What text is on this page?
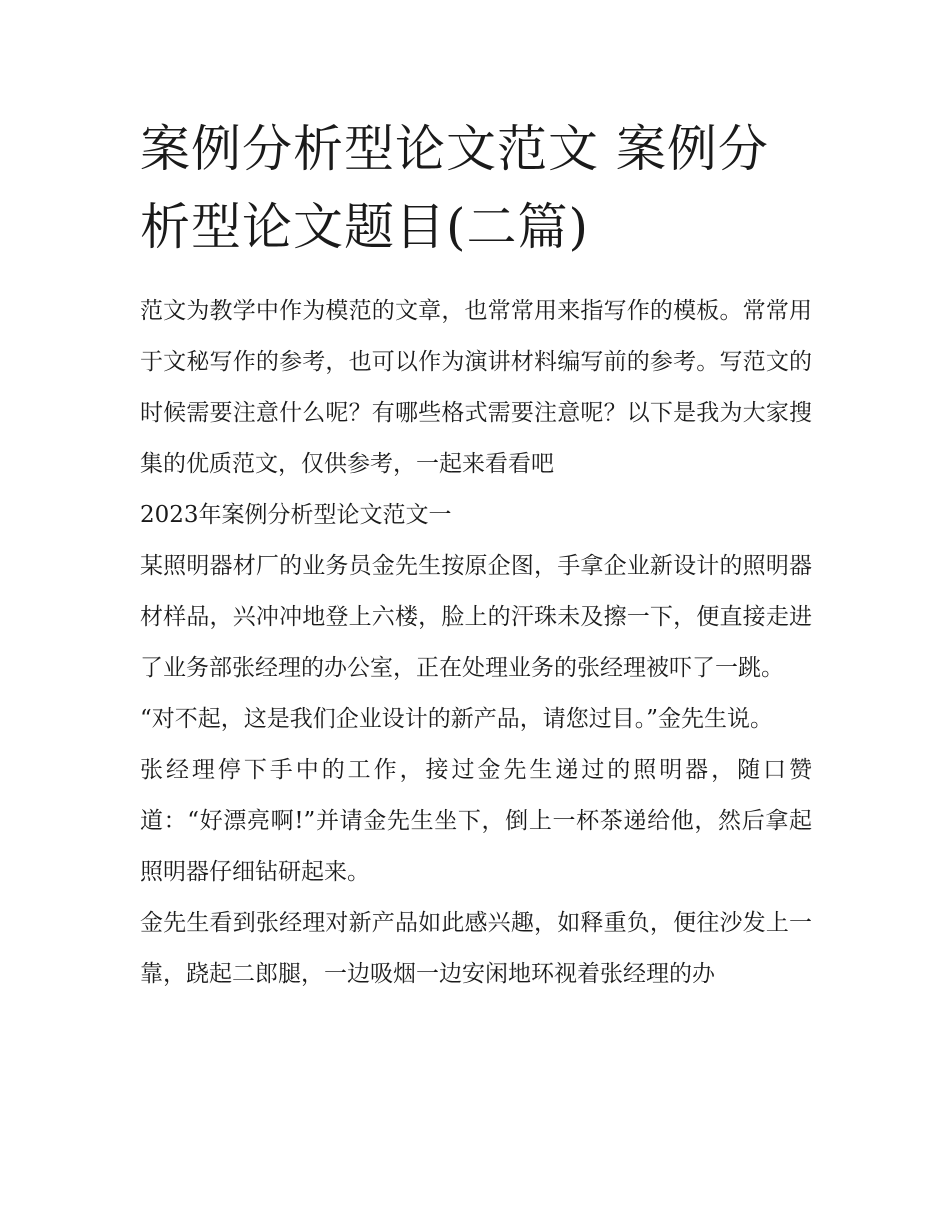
案例分析型论文范文 案例分析型论文题目(二篇)

范文为教学中作为模范的文章，也常常用来指写作的模板。常常用于文秘写作的参考，也可以作为演讲材料编写前的参考。写范文的时候需要注意什么呢？有哪些格式需要注意呢？以下是我为大家搜集的优质范文，仅供参考，一起来看看吧

2023年案例分析型论文范文一

某照明器材厂的业务员金先生按原企图，手拿企业新设计的照明器材样品，兴冲冲地登上六楼，脸上的汗珠未及擦一下，便直接走进了业务部张经理的办公室，正在处理业务的张经理被吓了一跳。

“对不起，这是我们企业设计的新产品，请您过目。”金先生说。

张经理停下手中的工作，接过金先生递过的照明器，随口赞道：“好漂亮啊!”并请金先生坐下，倒上一杯茶递给他，然后拿起照明器仔细钻研起来。

金先生看到张经理对新产品如此感兴趣，如释重负，便往沙发上一靠，跷起二郎腿，一边吸烟一边安闲地环视着张经理的办
